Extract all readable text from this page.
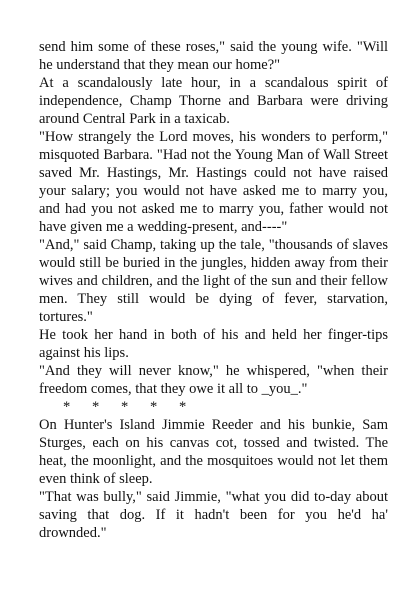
send him some of these roses," said the young wife. "Will he understand that they mean our home?"

At a scandalously late hour, in a scandalous spirit of independence, Champ Thorne and Barbara were driving around Central Park in a taxicab.

"How strangely the Lord moves, his wonders to perform," misquoted Barbara. "Had not the Young Man of Wall Street saved Mr. Hastings, Mr. Hastings could not have raised your salary; you would not have asked me to marry you, and had you not asked me to marry you, father would not have given me a wedding-present, and----"

"And," said Champ, taking up the tale, "thousands of slaves would still be buried in the jungles, hidden away from their wives and children, and the light of the sun and their fellow men. They still would be dying of fever, starvation, tortures."

He took her hand in both of his and held her finger-tips against his lips.

"And they will never know," he whispered, "when their freedom comes, that they owe it all to _you_."

*      *      *      *      *

On Hunter's Island Jimmie Reeder and his bunkie, Sam Sturges, each on his canvas cot, tossed and twisted. The heat, the moonlight, and the mosquitoes would not let them even think of sleep.

"That was bully," said Jimmie, "what you did to-day about saving that dog. If it hadn't been for you he'd ha' drownded."
